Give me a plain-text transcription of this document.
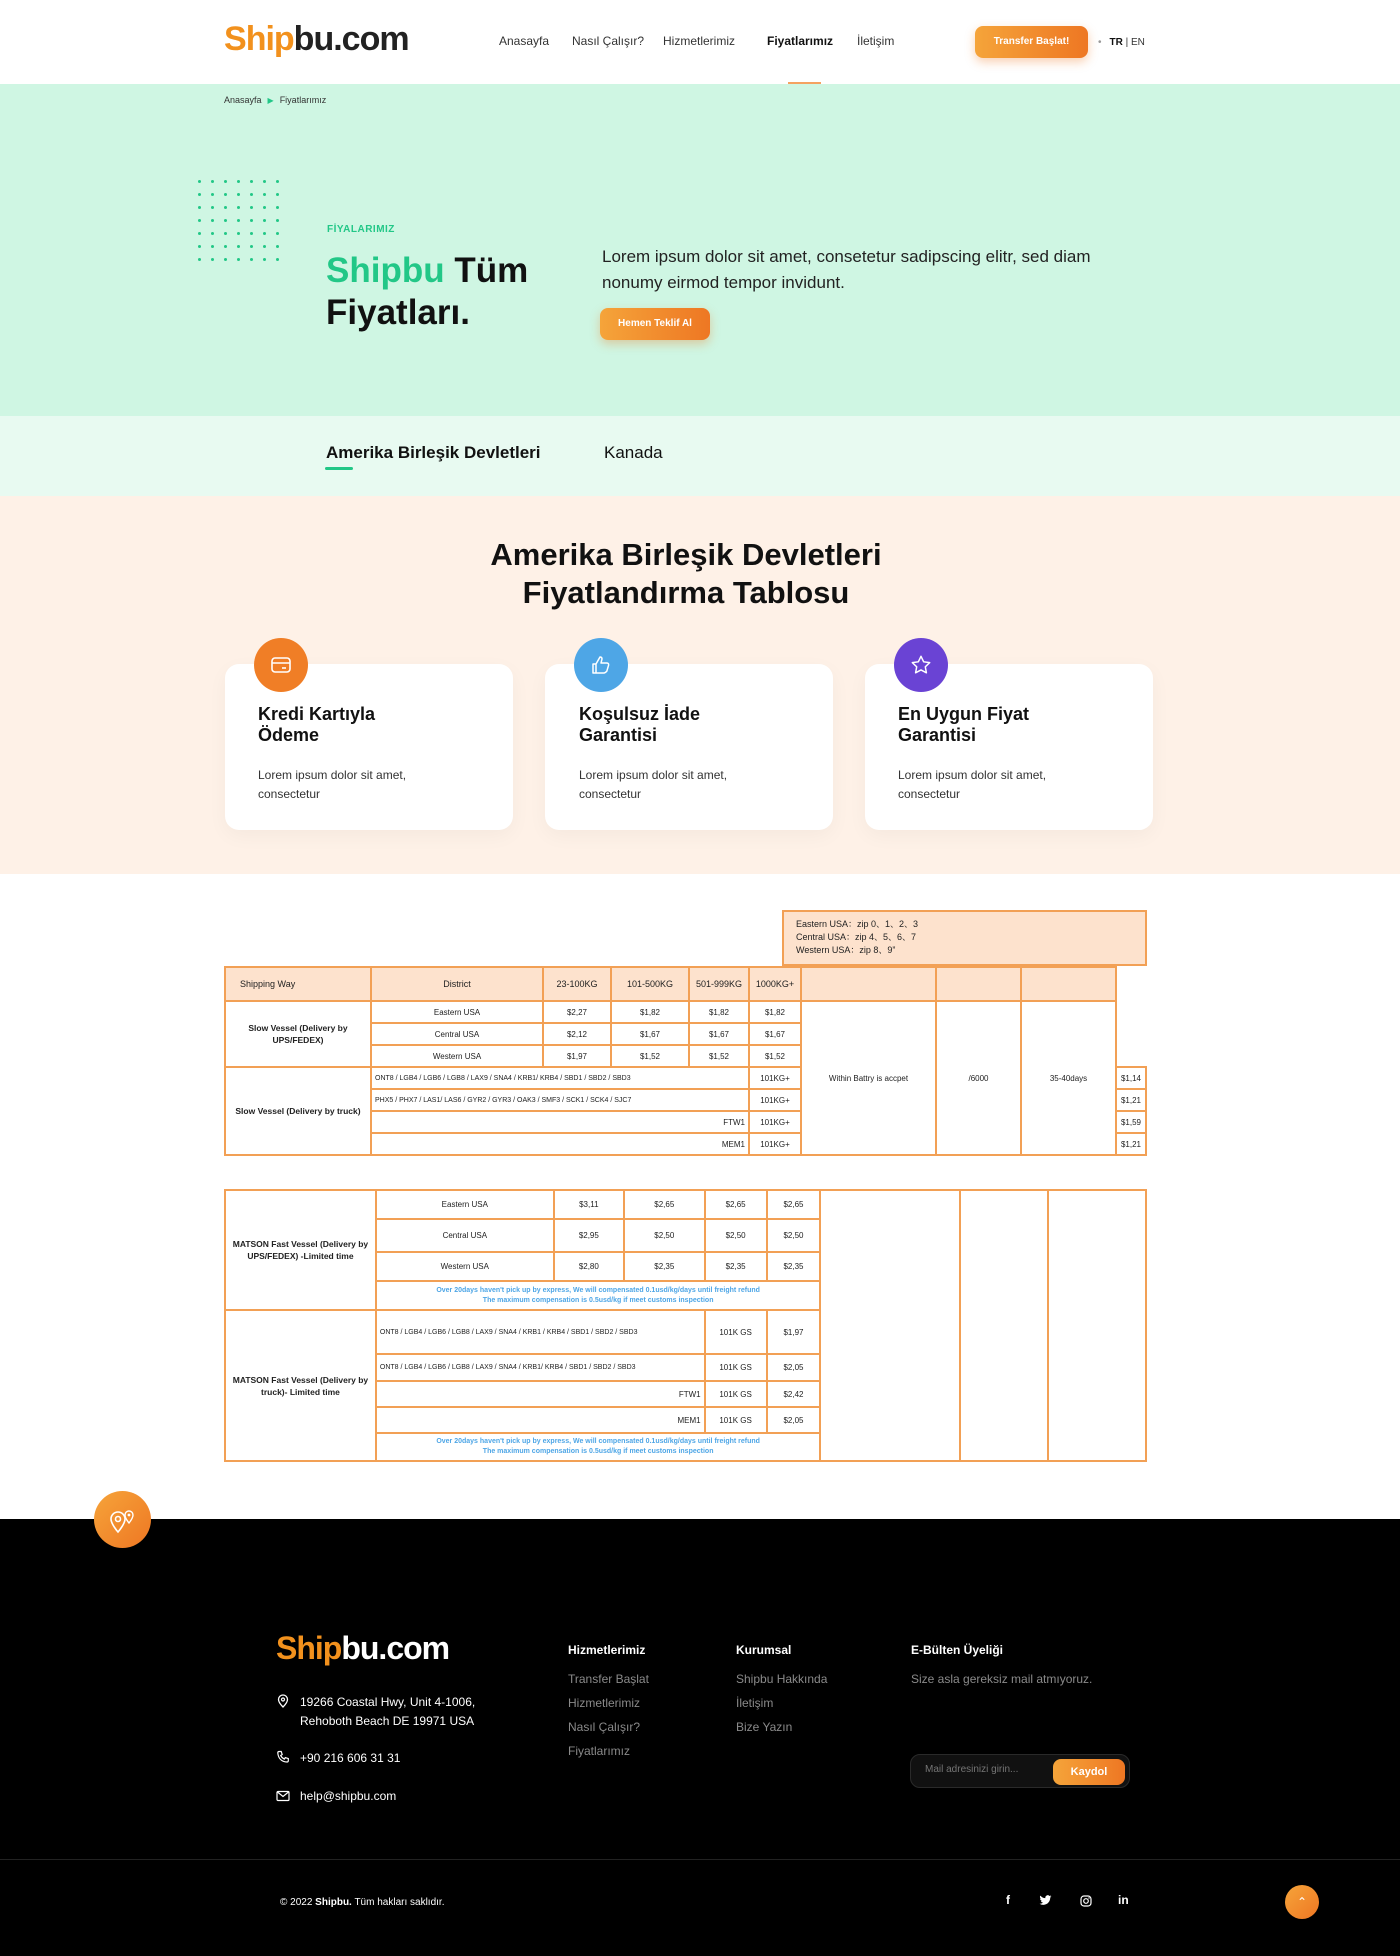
Shipbu.com	Anasayfa Nasıl Çalışır? Hizmetlerimiz	Fiyatlarımız İletişim	Transfer Başlat!	• TR | EN
Anasayfa ▶ Fiyatlarımız
FİYALARIMIZ
Shipbu Tüm
Fiyatları.
Lorem ipsum dolor sit amet, consetetur sadipscing elitr, sed diam nonumy eirmod tempor invidunt.
Hemen Teklif Al
Amerika Birleşik Devletleri	Kanada
Amerika Birleşik Devletleri
Fiyatlandırma Tablosu
Kredi Kartıyla
Ödeme
Koşulsuz İade
Garantisi
En Uygun Fiyat
Garantisi
Lorem ipsum dolor sit amet, consectetur
Lorem ipsum dolor sit amet, consectetur
Lorem ipsum dolor sit amet, consectetur
Eastern USA：zip 0、1、2、3
Central USA：zip 4、5、6、7
Western USA：zip 8、9”
Shipping Way	District	23-100KG	101-500KG	501-999KG	1000KG+				
Slow Vessel (Delivery by UPS/FEDEX)	Eastern USA	$2,27	$1,82	$1,82	$1,82	Within Battry is accpet	/6000	35-40days	
	Central USA	$2,12	$1,67	$1,67	$1,67				
	Western USA	$1,97	$1,52	$1,52	$1,52				
Slow Vessel (Delivery by truck)	ONT8 / LGB4 / LGB6 / LGB8 / LAX9 / SNA4 / KRB1/ KRB4 / SBD1 / SBD2 / SBD3				101KG+				$1,14
	PHX5 / PHX7 / LAS1/ LAS6 / GYR2 / GYR3 / OAK3 / SMF3 / SCK1 / SCK4 / SJC7				101KG+				$1,21
	FTW1				101KG+				$1,59
	MEM1				101KG+				$1,21
MATSON Fast Vessel (Delivery by UPS/FEDEX) -Limited time	Eastern USA	$3,11	$2,65	$2,65	$2,65			
	Central USA	$2,95	$2,50	$2,50	$2,50			
	Western USA	$2,80	$2,35	$2,35	$2,35			
	Over 20days haven't pick up by express, We will compensated 0.1usd/kg/days until freight refund
The maximum compensation is 0.5usd/kg if meet customs inspection							
MATSON Fast Vessel (Delivery by truck)- Limited time	ONT8 / LGB4 / LGB6 / LGB8 / LAX9 / SNA4 / KRB1 / KRB4 / SBD1 / SBD2 / SBD3			101K GS	$1,97			
	ONT8 / LGB4 / LGB6 / LGB8 / LAX9 / SNA4 / KRB1/ KRB4 / SBD1 / SBD2 / SBD3			101K GS	$2,05			
	FTW1			101K GS	$2,42			
	MEM1			101K GS	$2,05			
	Over 20days haven't pick up by express, We will compensated 0.1usd/kg/days until freight refund
The maximum compensation is 0.5usd/kg if meet customs inspection							
Shipbu.com
19266 Coastal Hwy, Unit 4-1006,
Rehoboth Beach DE 19971 USA
+90 216 606 31 31
help@shipbu.com
Hizmetlerimiz
Transfer Başlat
Hizmetlerimiz
Nasıl Çalışır?
Fiyatlarımız
Kurumsal
Shipbu Hakkında
İletişim
Bize Yazın
E-Bülten Üyeliği
Size asla gereksiz mail atmıyoruz.
Mail adresinizi girin...
Kaydol
© 2022 Shipbu. Tüm hakları saklıdır.	f	in	⌃
